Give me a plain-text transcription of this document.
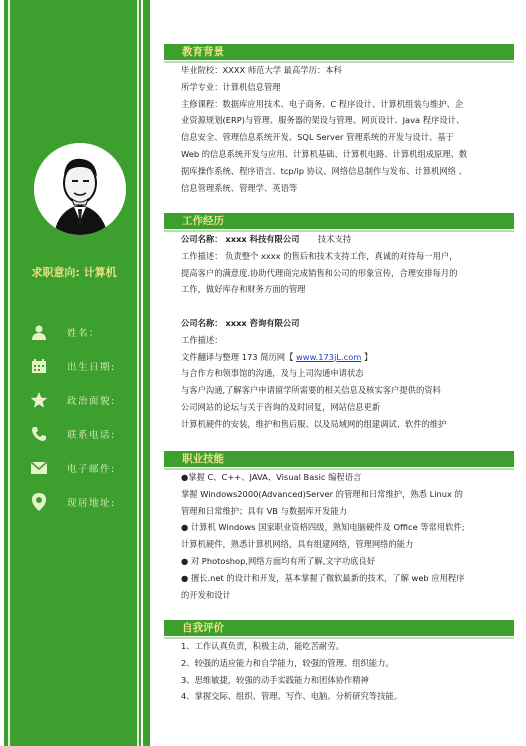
求职意向: 计算机
姓名：
出生日期:
政治面貌:
联系电话:
电子邮件:
现居地址:
教育背景

毕业院校：XXXX 师范大学 最高学历：本科

所学专业：计算机信息管理

主修课程：数据库应用技术、电子商务、C 程序设计、计算机组装与维护、企

业资源规划(ERP)与管理、服务器的架设与管理、网页设计、Java 程序设计、

信息安全、管理信息系统开发、SQL Server 管理系统的开发与设计、基于

Web 的信息系统开发与应用、计算机基础、计算机电路、计算机组成原理、数

据库操作系统、程序语言、tcp/ip 协议、网络信息制作与发布、计算机网络 、

信息管理系统、管理学、英语等

工作经历

公司名称： xxxx 科技有限公司 技术支持

工作描述： 负责整个 xxxx 的售后和技术支持工作，真诚的对待每一用户，

提高客户的满意度.协助代理商完成销售和公司的形象宣传，合理安排每月的

工作，做好库存和财务方面的管理

公司名称： xxxx 咨询有限公司

工作描述：

文件翻译与整理 173 简历网【 www.173jL.com 】

与合作方和领事馆的沟通，及与上司沟通申请状态

与客户沟通,了解客户申请留学所需要的相关信息及核实客户提供的资料

公司网站的论坛与关于咨询的及时回复，网站信息更新

计算机硬件的安装，维护和售后服、以及局域网的组建调试、软件的维护

职业技能

●掌握 C、C++、JAVA、Visual Basic 编程语言

掌握 Windows2000(Advanced)Server 的管理和日常维护，熟悉 Linux 的

管理和日常维护；具有 VB 与数据库开发能力

● 计算机 Windows 国家职业资格四级，熟知电脑硬件及 Office 等常用软件;

计算机硬件，熟悉计算机网络，具有组建网络，管理网络的能力

● 对 Photoshop,网络方面均有所了解,文字功底良好

● 擅长.net 的设计和开发，基本掌握了微软最新的技术，了解 web 应用程序

的开发和设计

自我评价

1、工作认真负责，积极主动，能吃苦耐劳。

2、较强的适应能力和自学能力，较强的管理、组织能力。

3、思维敏捷，较强的动手实践能力和团体协作精神

4、掌握交际、组织、管理、写作、电脑、分析研究等技能。
